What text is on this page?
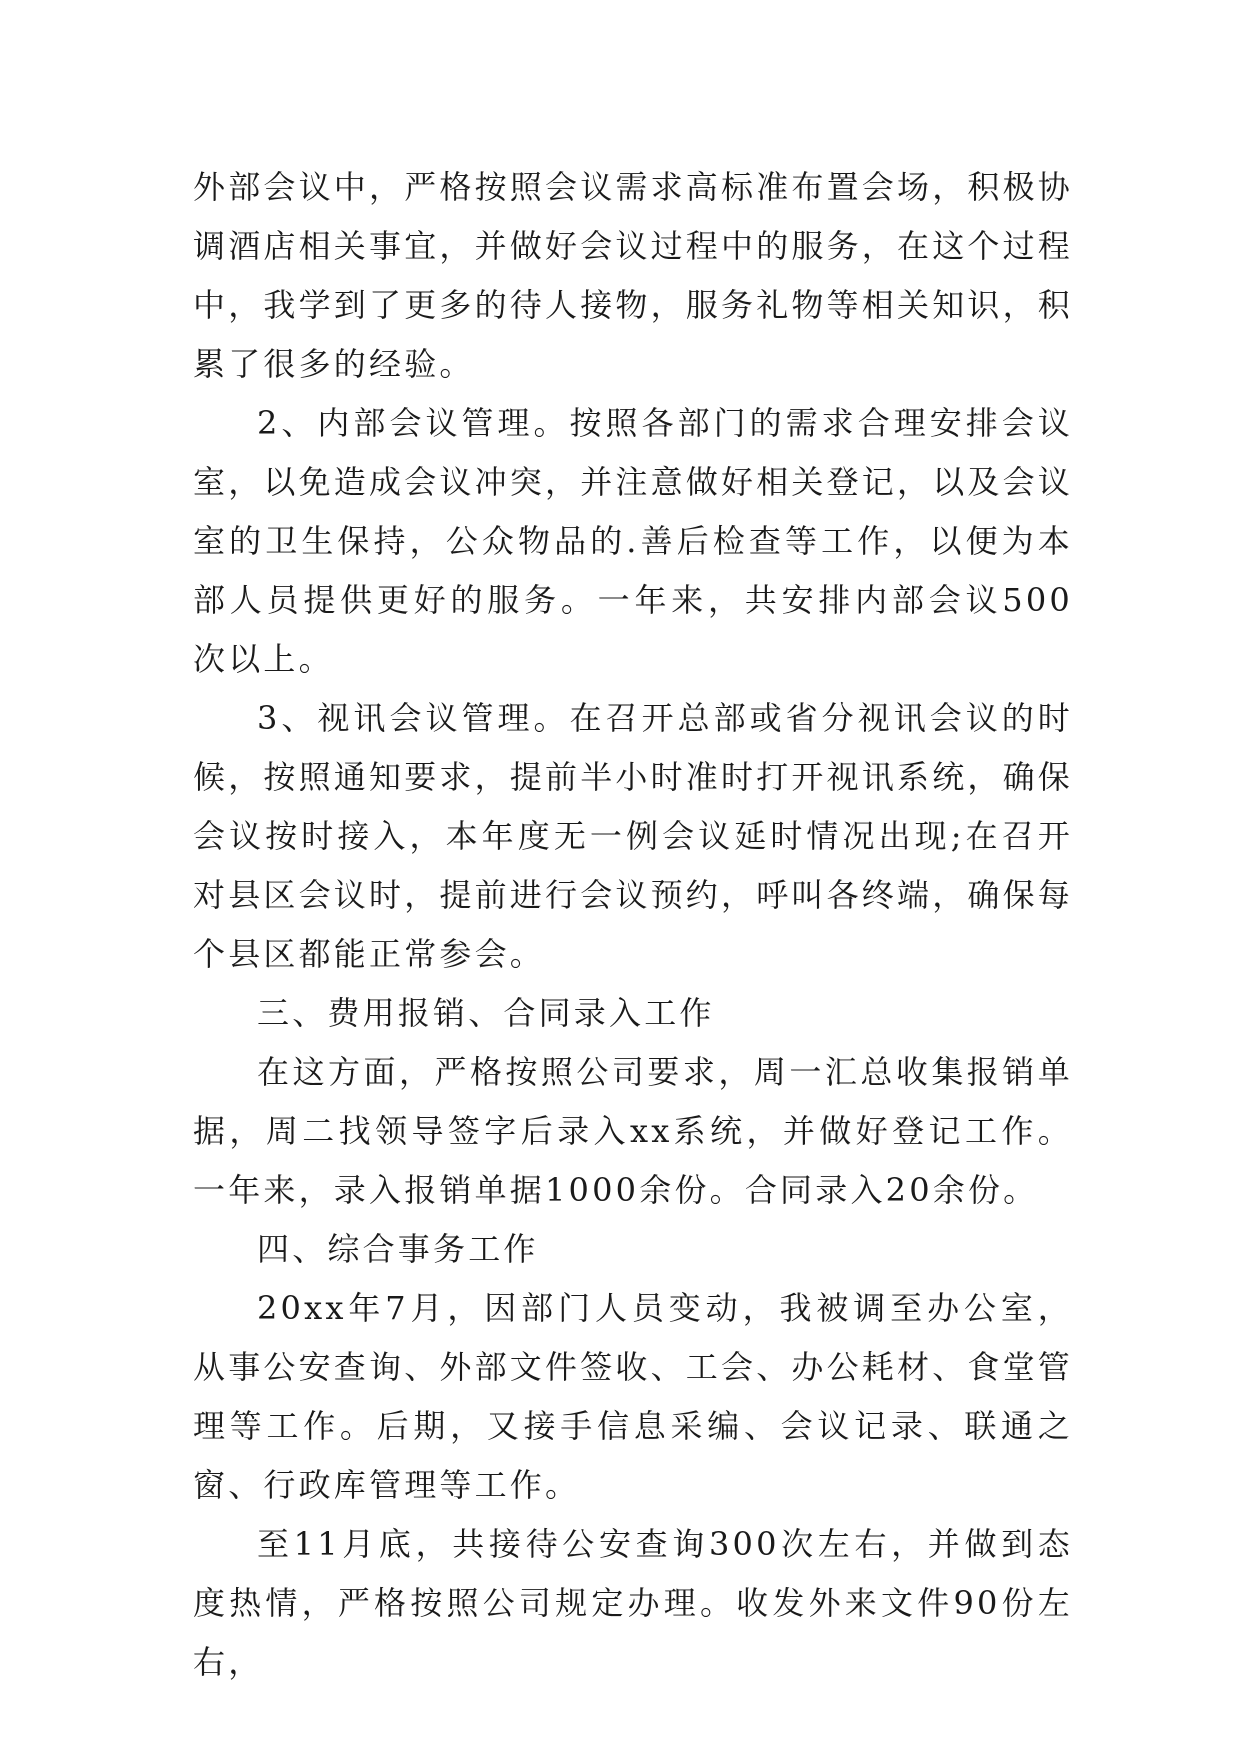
外部会议中，严格按照会议需求高标准布置会场，积极协调酒店相关事宜，并做好会议过程中的服务，在这个过程中，我学到了更多的待人接物，服务礼物等相关知识，积累了很多的经验。

2、内部会议管理。按照各部门的需求合理安排会议室，以免造成会议冲突，并注意做好相关登记，以及会议室的卫生保持，公众物品的.善后检查等工作，以便为本部人员提供更好的服务。一年来，共安排内部会议500次以上。

3、视讯会议管理。在召开总部或省分视讯会议的时候，按照通知要求，提前半小时准时打开视讯系统，确保会议按时接入，本年度无一例会议延时情况出现;在召开对县区会议时，提前进行会议预约，呼叫各终端，确保每个县区都能正常参会。

三、费用报销、合同录入工作

在这方面，严格按照公司要求，周一汇总收集报销单据，周二找领导签字后录入xx系统，并做好登记工作。一年来，录入报销单据1000余份。合同录入20余份。

四、综合事务工作

20xx年7月，因部门人员变动，我被调至办公室，从事公安查询、外部文件签收、工会、办公耗材、食堂管理等工作。后期，又接手信息采编、会议记录、联通之窗、行政库管理等工作。

至11月底，共接待公安查询300次左右，并做到态度热情，严格按照公司规定办理。收发外来文件90份左右，
